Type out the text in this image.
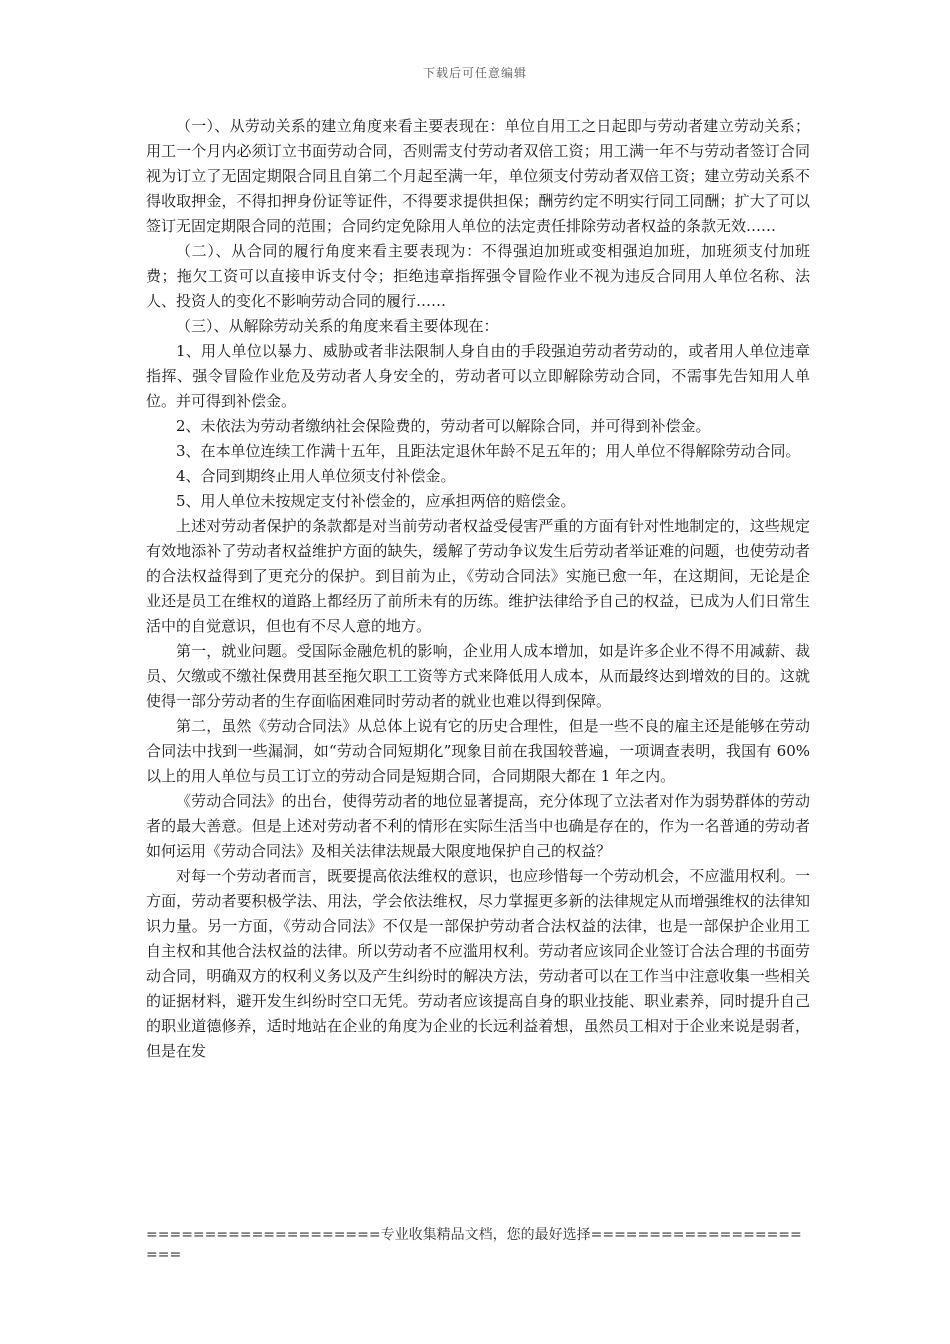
下载后可任意编辑

（一）、从劳动关系的建立角度来看主要表现在：单位自用工之日起即与劳动者建立劳动关系；用工一个月内必须订立书面劳动合同，否则需支付劳动者双倍工资；用工满一年不与劳动者签订合同视为订立了无固定期限合同且自第二个月起至满一年，单位须支付劳动者双倍工资；建立劳动关系不得收取押金，不得扣押身份证等证件，不得要求提供担保；酬劳约定不明实行同工同酬；扩大了可以签订无固定期限合同的范围；合同约定免除用人单位的法定责任排除劳动者权益的条款无效……

（二）、从合同的履行角度来看主要表现为：不得强迫加班或变相强迫加班，加班须支付加班费；拖欠工资可以直接申诉支付令；拒绝违章指挥强令冒险作业不视为违反合同用人单位名称、法人、投资人的变化不影响劳动合同的履行……

（三）、从解除劳动关系的角度来看主要体现在：

1、用人单位以暴力、威胁或者非法限制人身自由的手段强迫劳动者劳动的，或者用人单位违章指挥、强令冒险作业危及劳动者人身安全的，劳动者可以立即解除劳动合同，不需事先告知用人单位。并可得到补偿金。

2、未依法为劳动者缴纳社会保险费的，劳动者可以解除合同，并可得到补偿金。

3、在本单位连续工作满十五年，且距法定退休年龄不足五年的；用人单位不得解除劳动合同。

4、合同到期终止用人单位须支付补偿金。

5、用人单位未按规定支付补偿金的，应承担两倍的赔偿金。

上述对劳动者保护的条款都是对当前劳动者权益受侵害严重的方面有针对性地制定的，这些规定有效地添补了劳动者权益维护方面的缺失，缓解了劳动争议发生后劳动者举证难的问题，也使劳动者的合法权益得到了更充分的保护。到目前为止，《劳动合同法》实施已愈一年，在这期间，无论是企业还是员工在维权的道路上都经历了前所未有的历练。维护法律给予自己的权益，已成为人们日常生活中的自觉意识，但也有不尽人意的地方。

第一，就业问题。受国际金融危机的影响，企业用人成本增加，如是许多企业不得不用减薪、裁员、欠缴或不缴社保费用甚至拖欠职工工资等方式来降低用人成本，从而最终达到增效的目的。这就使得一部分劳动者的生存面临困难同时劳动者的就业也难以得到保障。

第二，虽然《劳动合同法》从总体上说有它的历史合理性，但是一些不良的雇主还是能够在劳动合同法中找到一些漏洞，如“劳动合同短期化”现象目前在我国较普遍，一项调查表明，我国有 60%以上的用人单位与员工订立的劳动合同是短期合同，合同期限大都在 1 年之内。

《劳动合同法》的出台，使得劳动者的地位显著提高，充分体现了立法者对作为弱势群体的劳动者的最大善意。但是上述对劳动者不利的情形在实际生活当中也确是存在的，作为一名普通的劳动者如何运用《劳动合同法》及相关法律法规最大限度地保护自己的权益？

对每一个劳动者而言，既要提高依法维权的意识，也应珍惜每一个劳动机会，不应滥用权利。一方面，劳动者要积极学法、用法，学会依法维权，尽力掌握更多新的法律规定从而增强维权的法律知识力量。另一方面，《劳动合同法》不仅是一部保护劳动者合法权益的法律，也是一部保护企业用工自主权和其他合法权益的法律。所以劳动者不应滥用权利。劳动者应该同企业签订合法合理的书面劳动合同，明确双方的权利义务以及产生纠纷时的解决方法，劳动者可以在工作当中注意收集一些相关的证据材料，避开发生纠纷时空口无凭。劳动者应该提高自身的职业技能、职业素养，同时提升自己的职业道德修养，适时地站在企业的角度为企业的长远利益着想，虽然员工相对于企业来说是弱者，但是在发

====================专业收集精品文档，您的最好选择=====================
